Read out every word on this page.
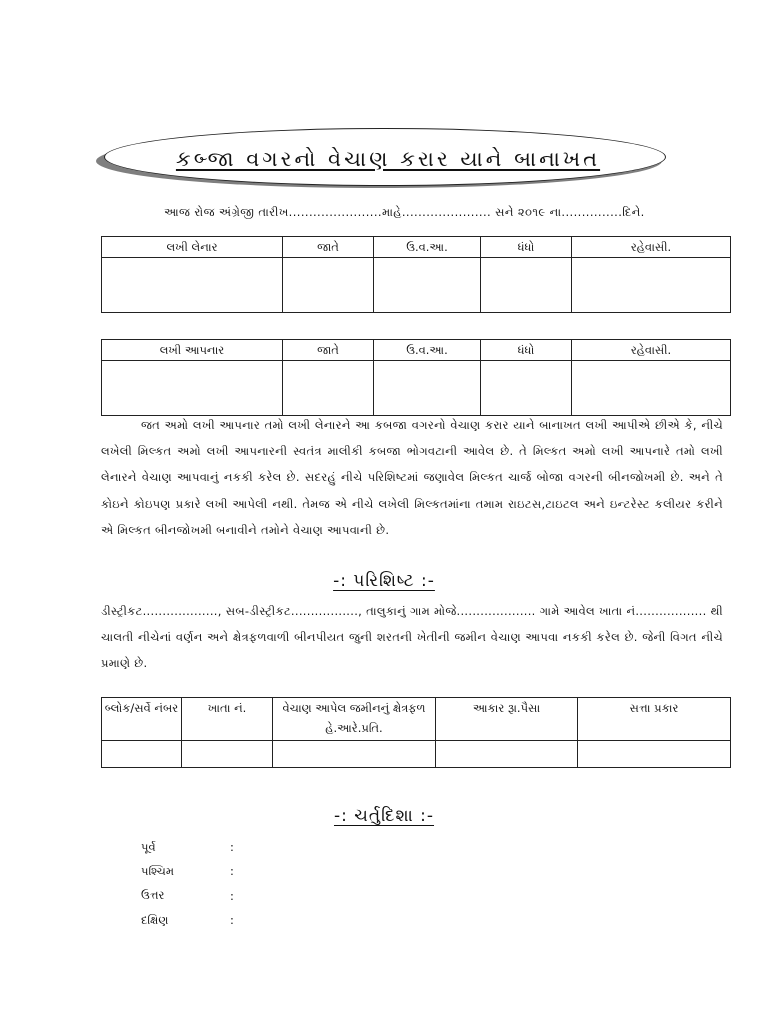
કબ્જા વગરનો વેચાણ કરાર યાને બાનાખત
આજ રોજ અંગ્રેજી તારીખ.......................માહે...................... સને ૨૦૧૯ ના...............દિને.
લખી લેનાર	જાતે	ઉ.વ.આ.	ધંધો	રહેવાસી.

લખી આપનાર	જાતે	ઉ.વ.આ.	ધંધો	રહેવાસી.

જત અમો લખી આપનાર તમો લખી લેનારને આ કબજા વગરનો વેચાણ કરાર યાને બાનાખત લખી આપીએ છીએ કે, નીચે લખેલી મિલ્કત અમો લખી આપનારની સ્વતંત્ર માલીકી કબજા ભોગવટાની આવેલ છે. તે મિલ્કત અમો લખી આપનારે તમો લખી લેનારને વેચાણ આપવાનું નકકી કરેલ છે. સદરહું નીચે પરિશિષ્ટમાં જણાવેલ મિલ્કત ચાર્જ બોજા વગરની બીનજોખમી છે. અને તે કોઇને કોઇપણ પ્રકારે લખી આપેલી નથી. તેમજ એ નીચે લખેલી મિલ્કતમાંના તમામ રાઇટસ,ટાઇટલ અને ઇન્ટરેસ્ટ કલીયર કરીને એ મિલ્કત બીનજોખમી બનાવીને તમોને વેચાણ આપવાની છે.
-: પરિશિષ્ટ :-
ડીસ્ટ્રીકટ..................., સબ-ડીસ્ટ્રીકટ................., તાલુકાનું ગામ મોજે.................... ગામે આવેલ ખાતા નં.................. થી ચાલતી નીચેનાં વર્ણન અને ક્ષેત્રફળવાળી બીનપીયત જુની શરતની ખેતીની જમીન વેચાણ આપવા નકકી કરેલ છે. જેની વિગત નીચે પ્રમાણે છે.
બ્લોક/સર્વે નંબર	ખાતા નં.	વેચાણ આપેલ જમીનનું ક્ષેત્રફળ હે.આરે.પ્રતિ.	આકાર રૂા.પૈસા	સત્તા પ્રકાર

-: ચર્તુદિશા :-
પૂર્વ	:
પશ્ચિમ	:
ઉત્તર	:
દક્ષિણ	:
